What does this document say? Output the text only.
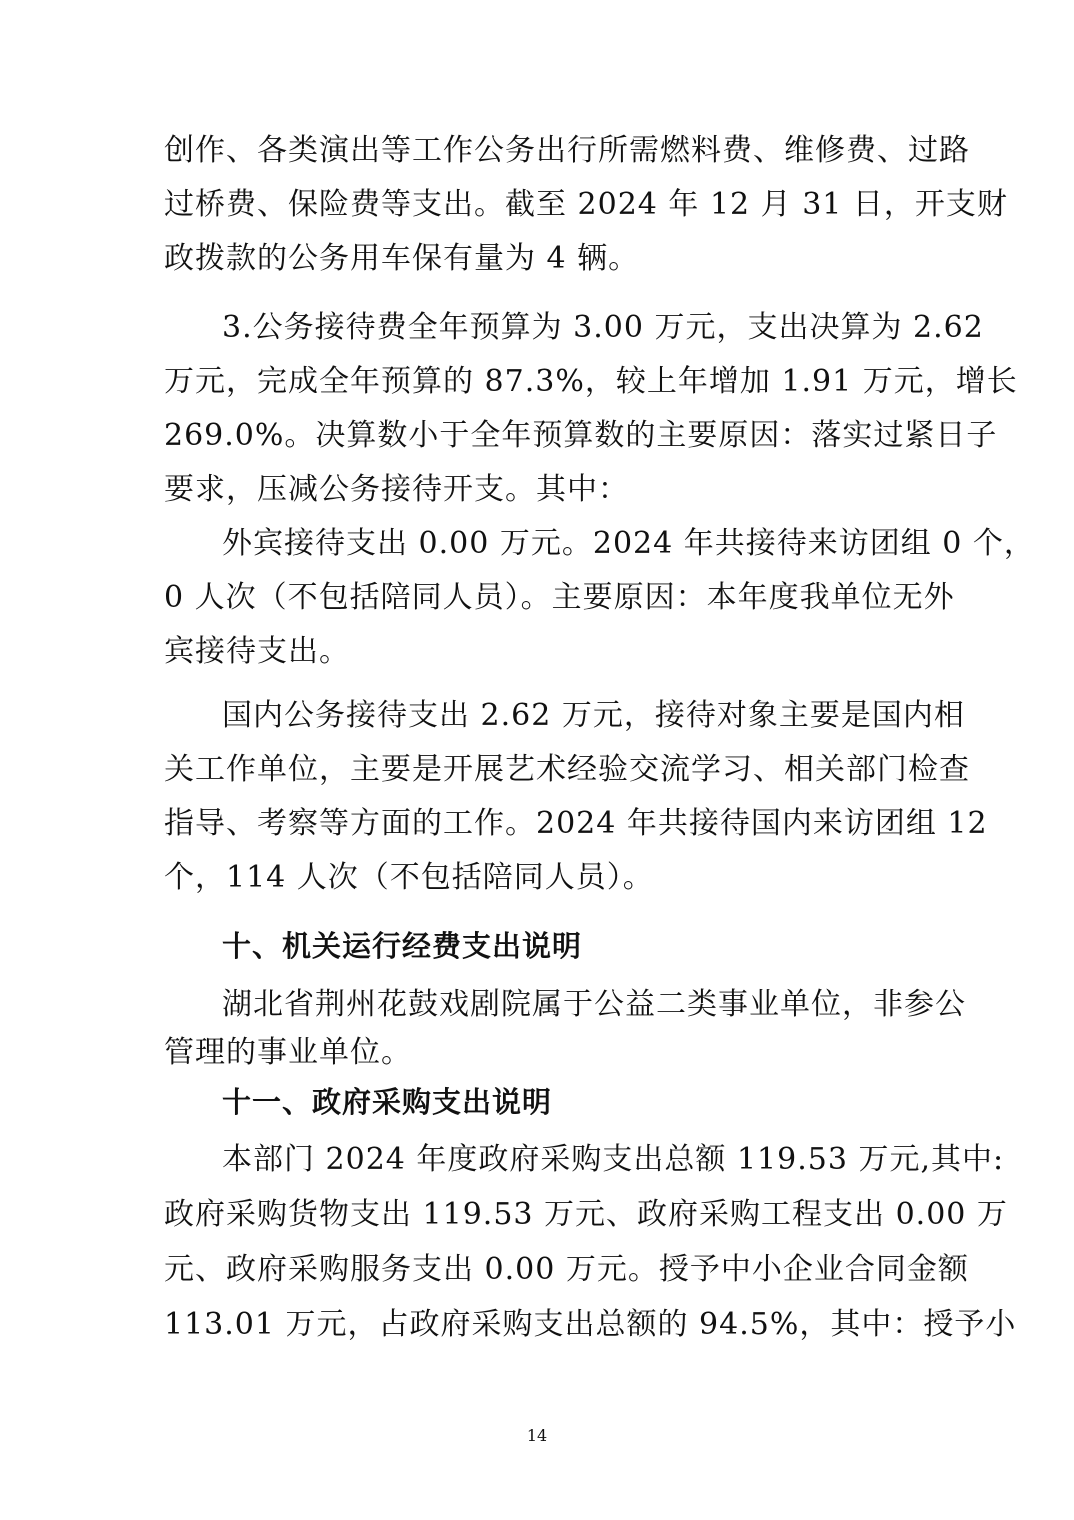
创作、各类演出等工作公务出行所需燃料费、维修费、过路
过桥费、保险费等支出。截至 2024 年 12 月 31 日，开支财
政拨款的公务用车保有量为 4 辆。
3.公务接待费全年预算为 3.00 万元，支出决算为 2.62
万元，完成全年预算的 87.3%，较上年增加 1.91 万元，增长
269.0%。决算数小于全年预算数的主要原因：落实过紧日子
要求，压减公务接待开支。其中：
外宾接待支出 0.00 万元。2024 年共接待来访团组 0 个，
0 人次（不包括陪同人员）。主要原因：本年度我单位无外
宾接待支出。
国内公务接待支出 2.62 万元，接待对象主要是国内相
关工作单位，主要是开展艺术经验交流学习、相关部门检查
指导、考察等方面的工作。2024 年共接待国内来访团组 12
个，114 人次（不包括陪同人员）。
十、机关运行经费支出说明
湖北省荆州花鼓戏剧院属于公益二类事业单位，非参公
管理的事业单位。
十一、政府采购支出说明
本部门 2024 年度政府采购支出总额 119.53 万元,其中:
政府采购货物支出 119.53 万元、政府采购工程支出 0.00 万
元、政府采购服务支出 0.00 万元。授予中小企业合同金额
113.01 万元，占政府采购支出总额的 94.5%，其中：授予小
14
